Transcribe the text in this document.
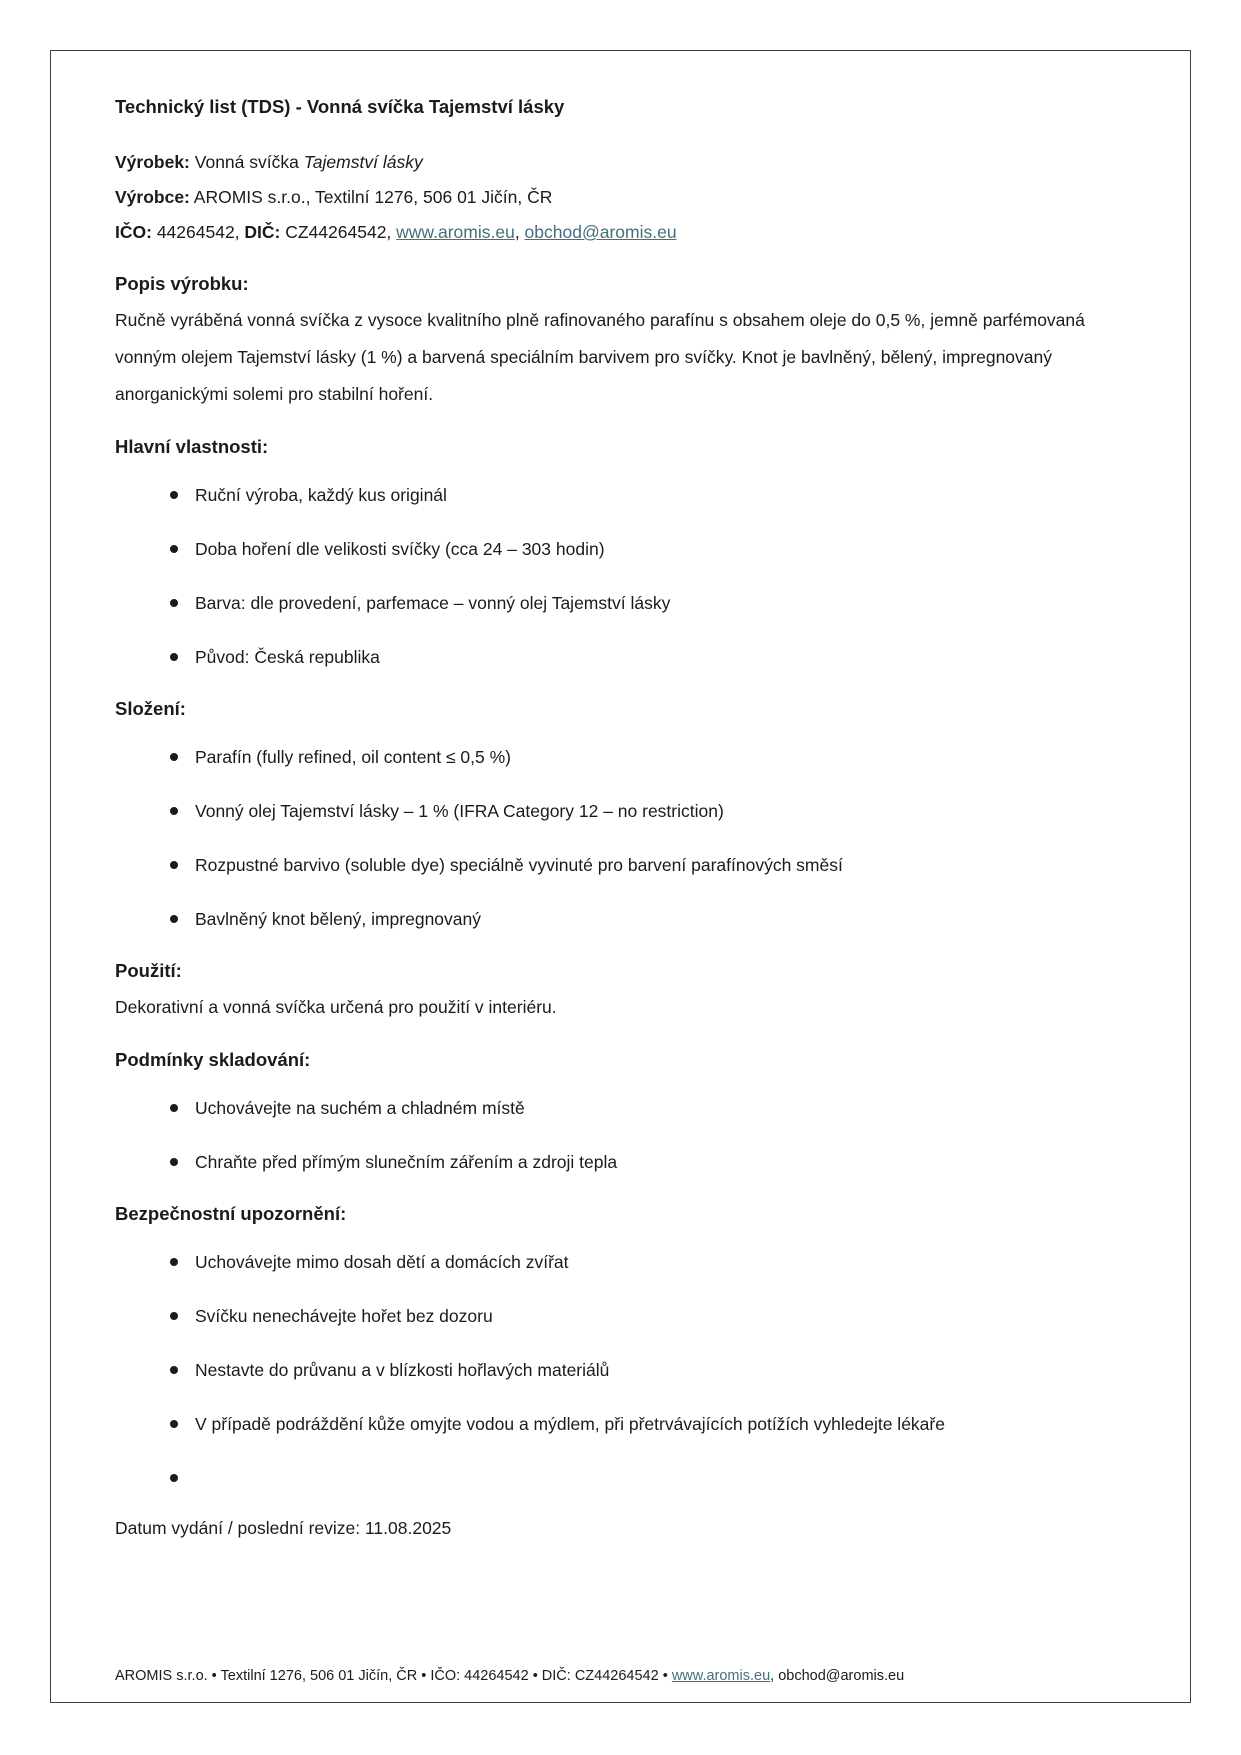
Technický list (TDS) - Vonná svíčka Tajemství lásky
Výrobek: Vonná svíčka Tajemství lásky
Výrobce: AROMIS s.r.o., Textilní 1276, 506 01 Jičín, ČR
IČO: 44264542, DIČ: CZ44264542, www.aromis.eu, obchod@aromis.eu
Popis výrobku:

Ručně vyráběná vonná svíčka z vysoce kvalitního plně rafinovaného parafínu s obsahem oleje do 0,5 %, jemně parfémovaná vonným olejem Tajemství lásky (1 %) a barvená speciálním barvivem pro svíčky. Knot je bavlněný, bělený, impregnovaný anorganickými solemi pro stabilní hoření.

Hlavní vlastnosti:
Ruční výroba, každý kus originál
Doba hoření dle velikosti svíčky (cca 24 – 303 hodin)
Barva: dle provedení, parfemace – vonný olej Tajemství lásky
Původ: Česká republika
Složení:
Parafín (fully refined, oil content ≤ 0,5 %)
Vonný olej Tajemství lásky – 1 % (IFRA Category 12 – no restriction)
Rozpustné barvivo (soluble dye) speciálně vyvinuté pro barvení parafínových směsí
Bavlněný knot bělený, impregnovaný
Použití:

Dekorativní a vonná svíčka určená pro použití v interiéru.

Podmínky skladování:
Uchovávejte na suchém a chladném místě
Chraňte před přímým slunečním zářením a zdroji tepla
Bezpečnostní upozornění:
Uchovávejte mimo dosah dětí a domácích zvířat
Svíčku nenechávejte hořet bez dozoru
Nestavte do průvanu a v blízkosti hořlavých materiálů
V případě podráždění kůže omyjte vodou a mýdlem, při přetrvávajících potížích vyhledejte lékaře

Datum vydání / poslední revize: 11.08.2025

AROMIS s.r.o. • Textilní 1276, 506 01 Jičín, ČR • IČO: 44264542 • DIČ: CZ44264542 • www.aromis.eu, obchod@aromis.eu
